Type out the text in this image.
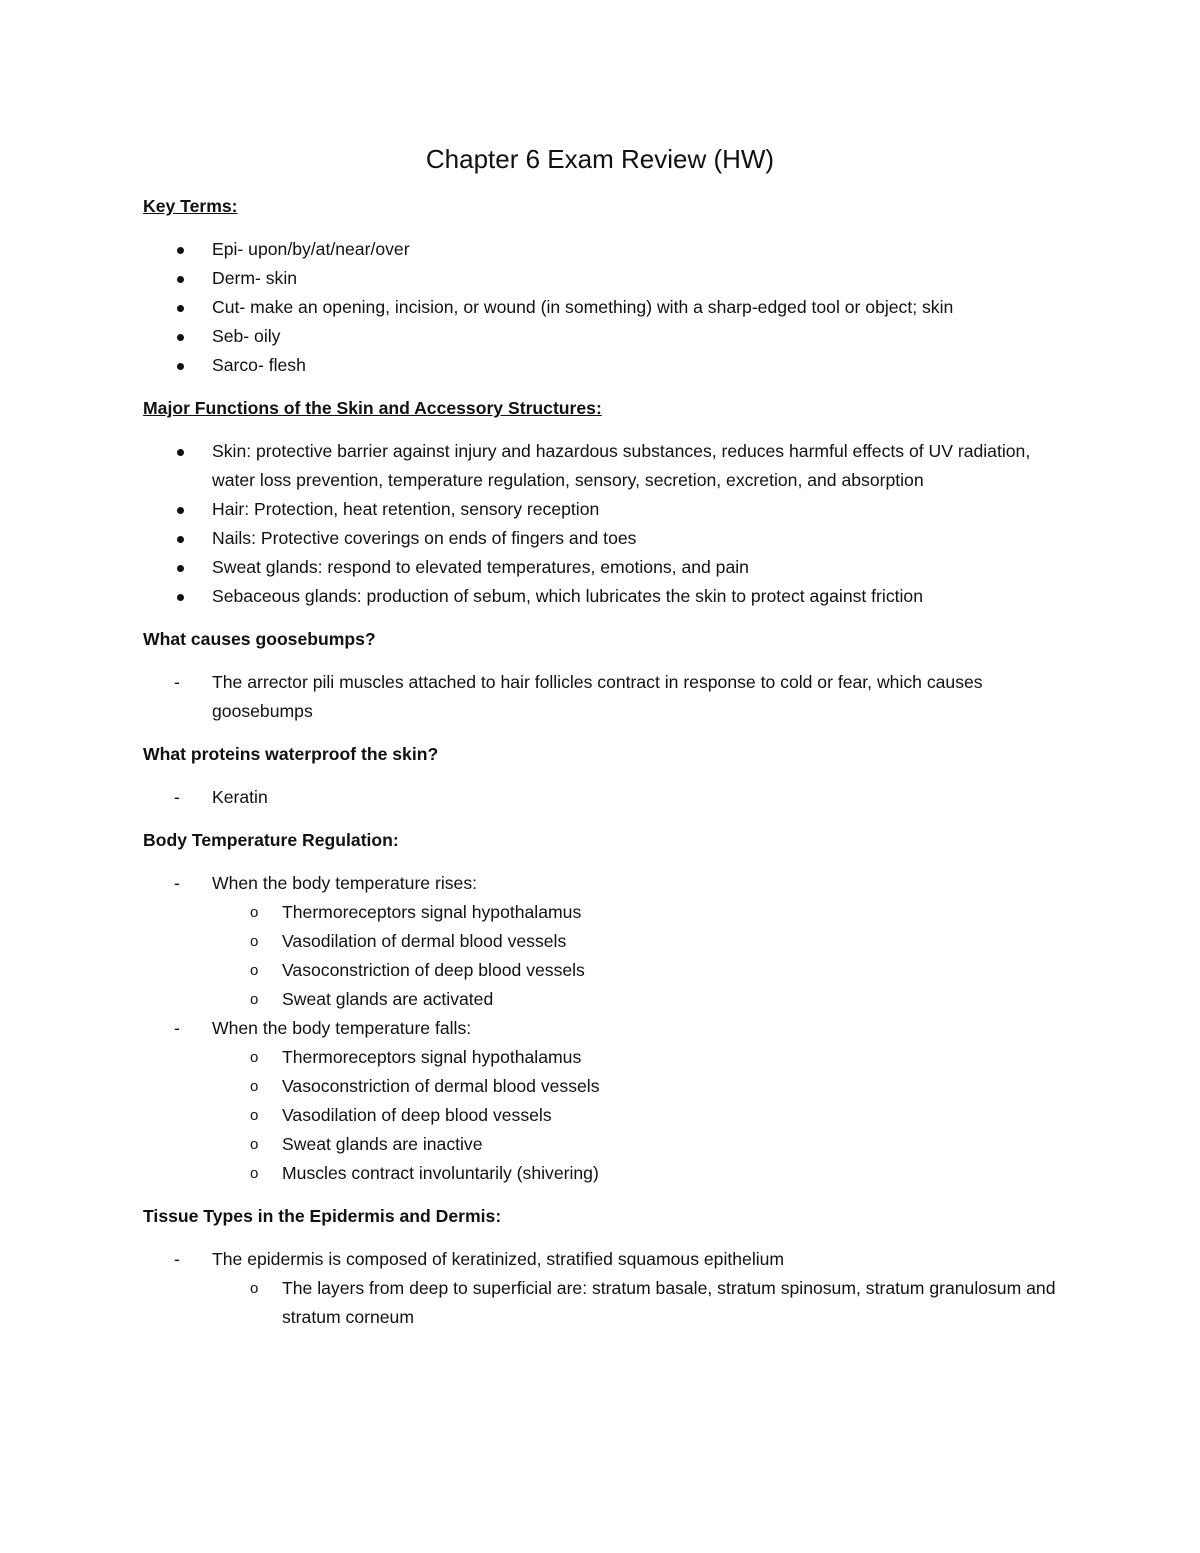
Chapter 6 Exam Review (HW)
Key Terms:
Epi- upon/by/at/near/over
Derm- skin
Cut- make an opening, incision, or wound (in something) with a sharp-edged tool or object; skin
Seb- oily
Sarco- flesh
Major Functions of the Skin and Accessory Structures:
Skin: protective barrier against injury and hazardous substances, reduces harmful effects of UV radiation, water loss prevention, temperature regulation, sensory, secretion, excretion, and absorption
Hair: Protection, heat retention, sensory reception
Nails: Protective coverings on ends of fingers and toes
Sweat glands: respond to elevated temperatures, emotions, and pain
Sebaceous glands: production of sebum, which lubricates the skin to protect against friction
What causes goosebumps?
- The arrector pili muscles attached to hair follicles contract in response to cold or fear, which causes goosebumps
What proteins waterproof the skin?
- Keratin
Body Temperature Regulation:
- When the body temperature rises:
o Thermoreceptors signal hypothalamus
o Vasodilation of dermal blood vessels
o Vasoconstriction of deep blood vessels
o Sweat glands are activated
- When the body temperature falls:
o Thermoreceptors signal hypothalamus
o Vasoconstriction of dermal blood vessels
o Vasodilation of deep blood vessels
o Sweat glands are inactive
o Muscles contract involuntarily (shivering)
Tissue Types in the Epidermis and Dermis:
- The epidermis is composed of keratinized, stratified squamous epithelium
o The layers from deep to superficial are: stratum basale, stratum spinosum, stratum granulosum and stratum corneum
